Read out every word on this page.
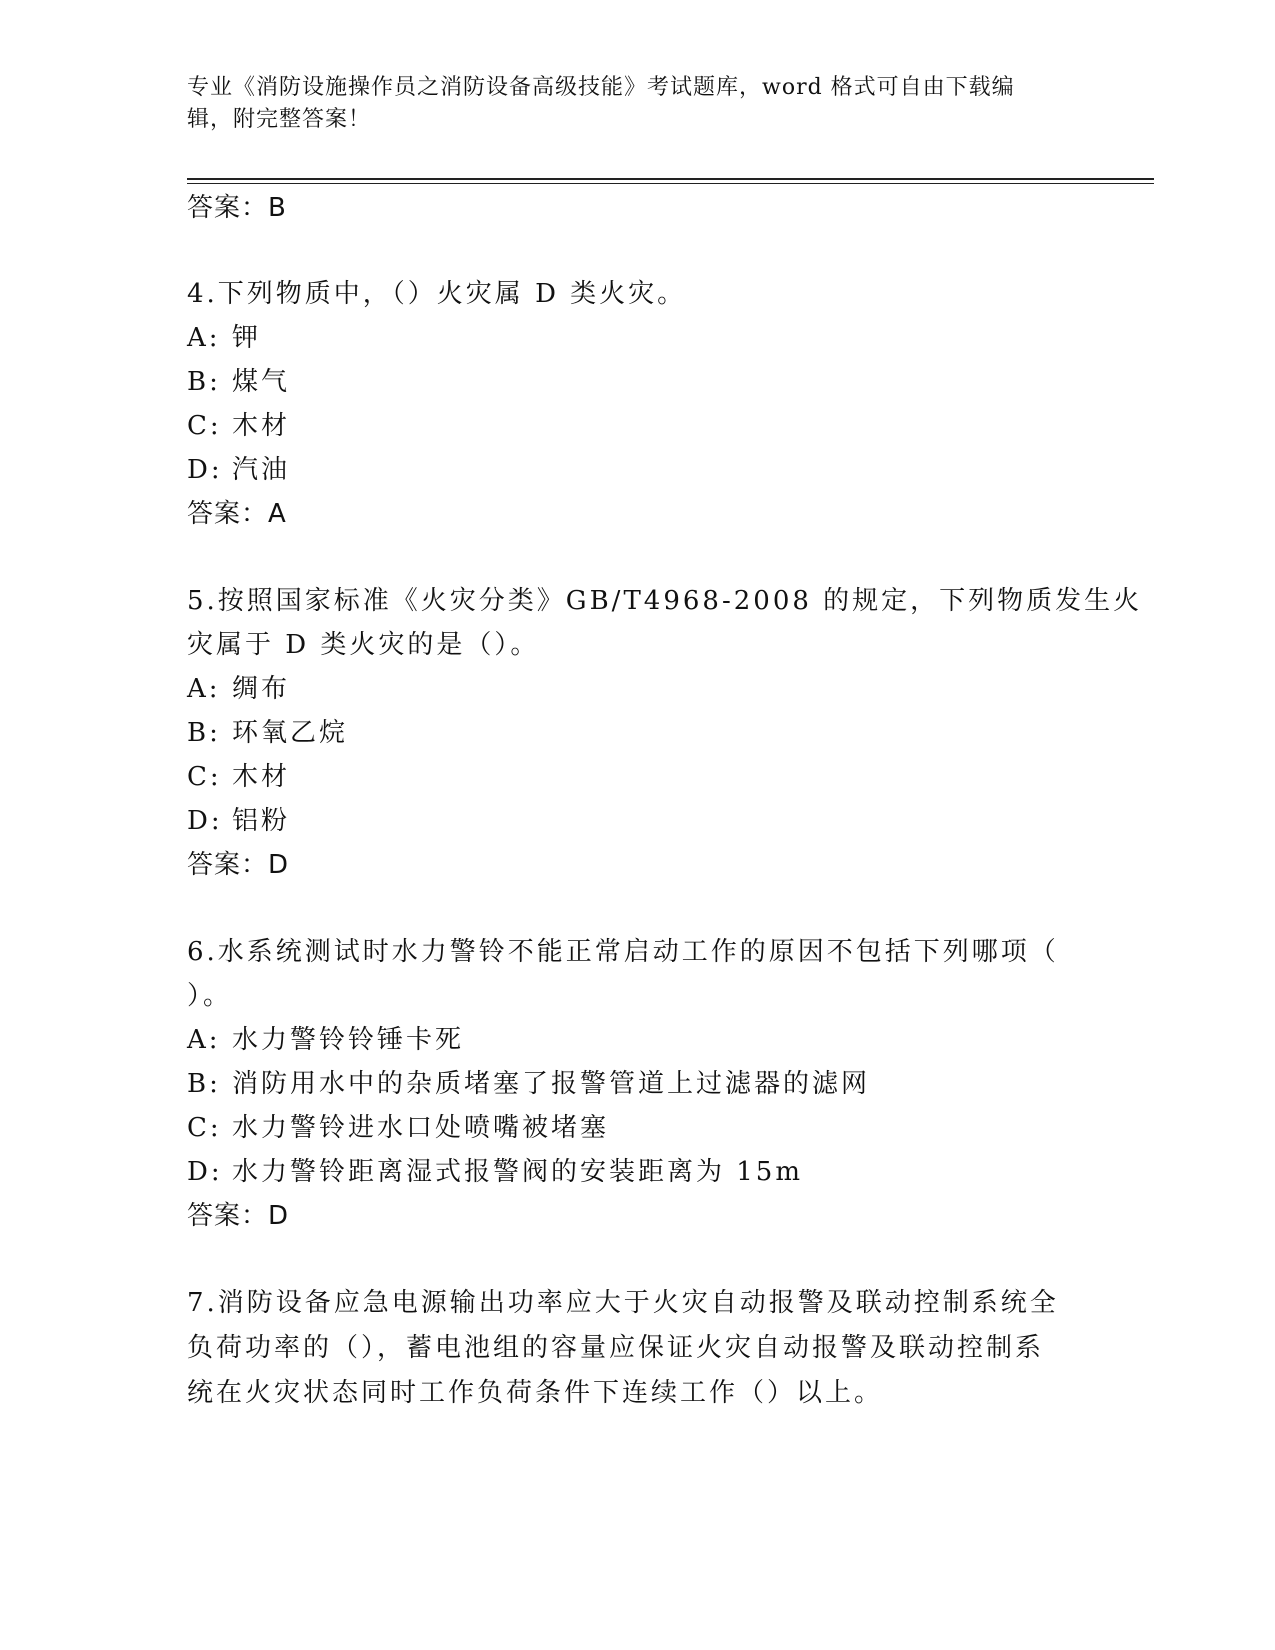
专业《消防设施操作员之消防设备高级技能》考试题库，word 格式可自由下载编
辑，附完整答案！
答案：B
4.下列物质中，（）火灾属 D 类火灾。
A: 钾
B: 煤气
C: 木材
D: 汽油
答案：A
5.按照国家标准《火灾分类》GB/T4968-2008 的规定，下列物质发生火
灾属于 D 类火灾的是（）。
A: 绸布
B: 环氧乙烷
C: 木材
D: 铝粉
答案：D
6.水系统测试时水力警铃不能正常启动工作的原因不包括下列哪项（
）。
A: 水力警铃铃锤卡死
B: 消防用水中的杂质堵塞了报警管道上过滤器的滤网
C: 水力警铃进水口处喷嘴被堵塞
D: 水力警铃距离湿式报警阀的安装距离为 15m
答案：D
7.消防设备应急电源输出功率应大于火灾自动报警及联动控制系统全
负荷功率的（），蓄电池组的容量应保证火灾自动报警及联动控制系
统在火灾状态同时工作负荷条件下连续工作（）以上。
